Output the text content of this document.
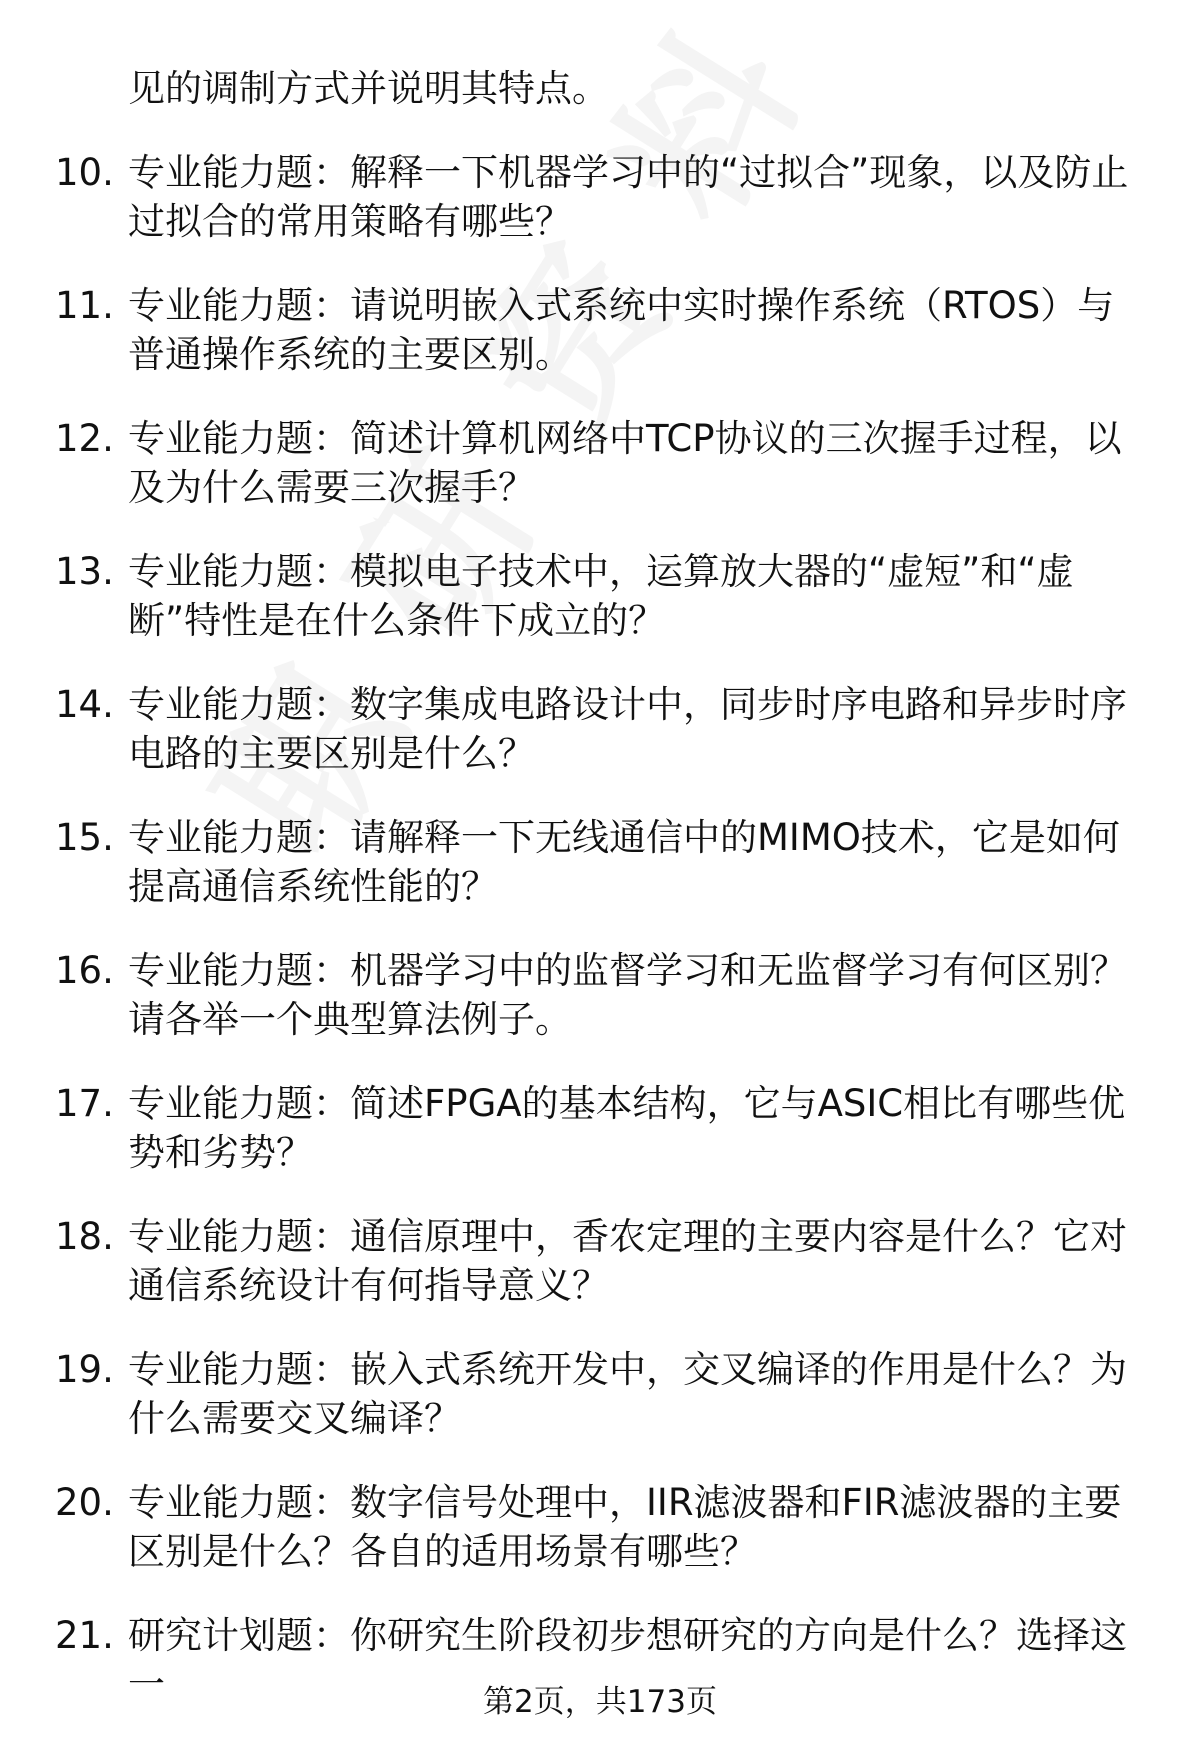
见的调制方式并说明其特点。

10. 专业能力题：解释一下机器学习中的“过拟合”现象，以及防止过拟合的常用策略有哪些？
11. 专业能力题：请说明嵌入式系统中实时操作系统（RTOS）与普通操作系统的主要区别。
12. 专业能力题：简述计算机网络中TCP协议的三次握手过程，以及为什么需要三次握手？
13. 专业能力题：模拟电子技术中，运算放大器的“虚短”和“虚断”特性是在什么条件下成立的？
14. 专业能力题：数字集成电路设计中，同步时序电路和异步时序电路的主要区别是什么？
15. 专业能力题：请解释一下无线通信中的MIMO技术，它是如何提高通信系统性能的？
16. 专业能力题：机器学习中的监督学习和无监督学习有何区别？请各举一个典型算法例子。
17. 专业能力题：简述FPGA的基本结构，它与ASIC相比有哪些优势和劣势？
18. 专业能力题：通信原理中，香农定理的主要内容是什么？它对通信系统设计有何指导意义？
19. 专业能力题：嵌入式系统开发中，交叉编译的作用是什么？为什么需要交叉编译？
20. 专业能力题：数字信号处理中，IIR滤波器和FIR滤波器的主要区别是什么？各自的适用场景有哪些？
21. 研究计划题：你研究生阶段初步想研究的方向是什么？选择这一	第2页，共173页
